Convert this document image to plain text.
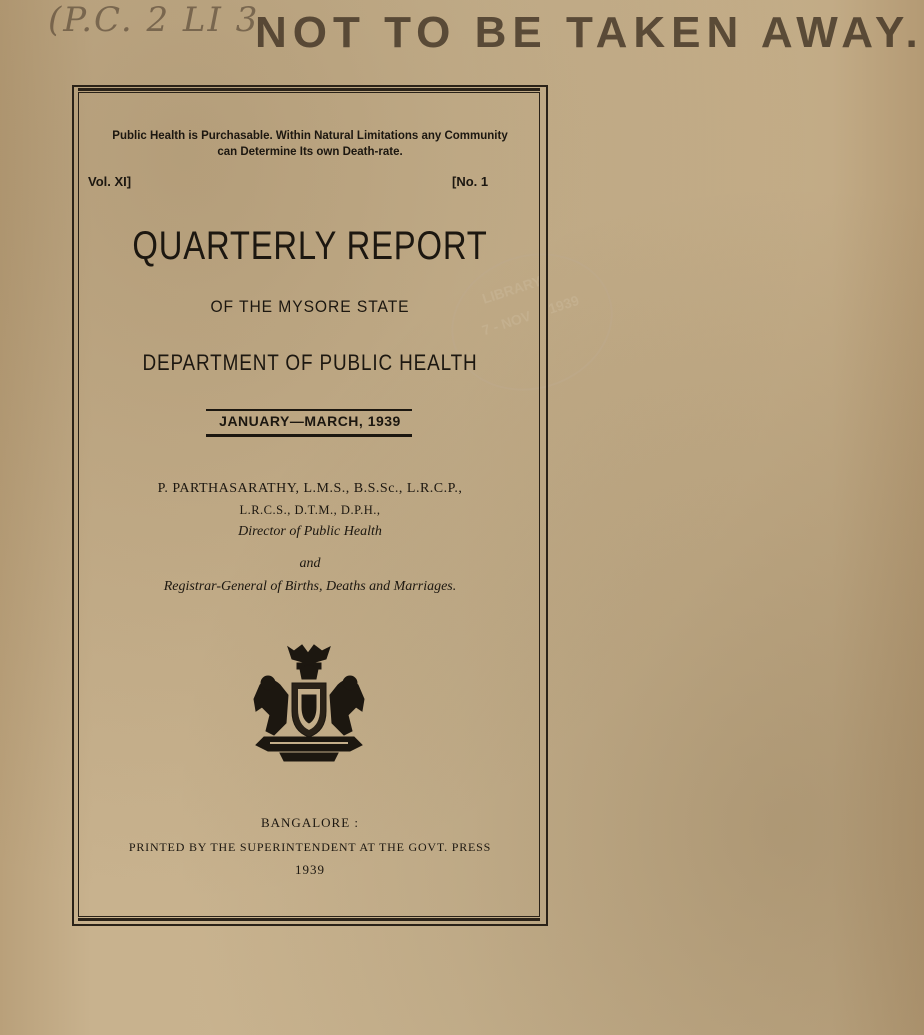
(P.C. 2 LI 3
NOT TO BE TAKEN AWAY.
LIBRARY
7 - NOV
1939
Public Health is Purchasable. Within Natural Limitations any Community
can Determine Its own Death-rate.
Vol. XI]	[No. 1
QUARTERLY REPORT
OF THE MYSORE STATE
DEPARTMENT OF PUBLIC HEALTH
JANUARY—MARCH, 1939
P. PARTHASARATHY, L.M.S., B.S.Sc., L.R.C.P.,
L.R.C.S., D.T.M., D.P.H.,
Director of Public Health
and
Registrar-General of Births, Deaths and Marriages.
BANGALORE :
PRINTED BY THE SUPERINTENDENT AT THE GOVT. PRESS
1939
